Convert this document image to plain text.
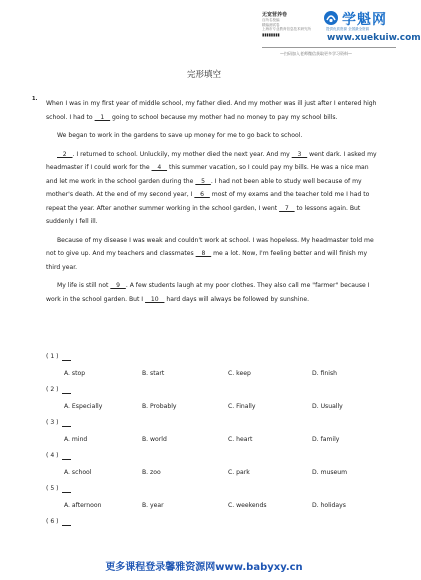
无宽营养卷
百所名校编
精编测试卷
上海市专业教育信息技术研究所
▮▮▮▮▮▮▮▮
学魁网
提供优质资源 全国最全资源
www.xuekuiw.com
—扫码加入老师微信获取更多学习资料—
完形填空
1.

When I was in my first year of middle school, my father died. And my mother was ill just after I entered high school. I had to    1    going to school because my mother had no money to pay my school bills.

We began to work in the gardens to save up money for me to go back to school.

2   . I returned to school. Unluckily, my mother died the next year. And my    3    went dark. I asked my headmaster if I could work for the    4    this summer vacation, so I could pay my bills. He was a nice man and let me work in the school garden during the    5   . I had not been able to study well because of my mother's death. At the end of my second year, I    6    most of my exams and the teacher told me I had to repeat the year. After another summer working in the school garden, I went    7    to lessons again. But suddenly I fell ill.

Because of my disease I was weak and couldn't work at school. I was hopeless. My headmaster told me not to give up. And my teachers and classmates    8    me a lot. Now, I'm feeling better and will finish my third year.

My life is still not    9   . A few students laugh at my poor clothes. They also call me "farmer" because I work in the school garden. But I    10    hard days will always be followed by sunshine.

( 1 )
A. stop	B. start	C. keep	D. finish
( 2 )
A. Especially	B. Probably	C. Finally	D. Usually
( 3 )
A. mind	B. world	C. heart	D. family
( 4 )
A. school	B. zoo	C. park	D. museum
( 5 )
A. afternoon	B. year	C. weekends	D. holidays
( 6 )
更多课程登录馨雅资源网www.babyxy.cn
